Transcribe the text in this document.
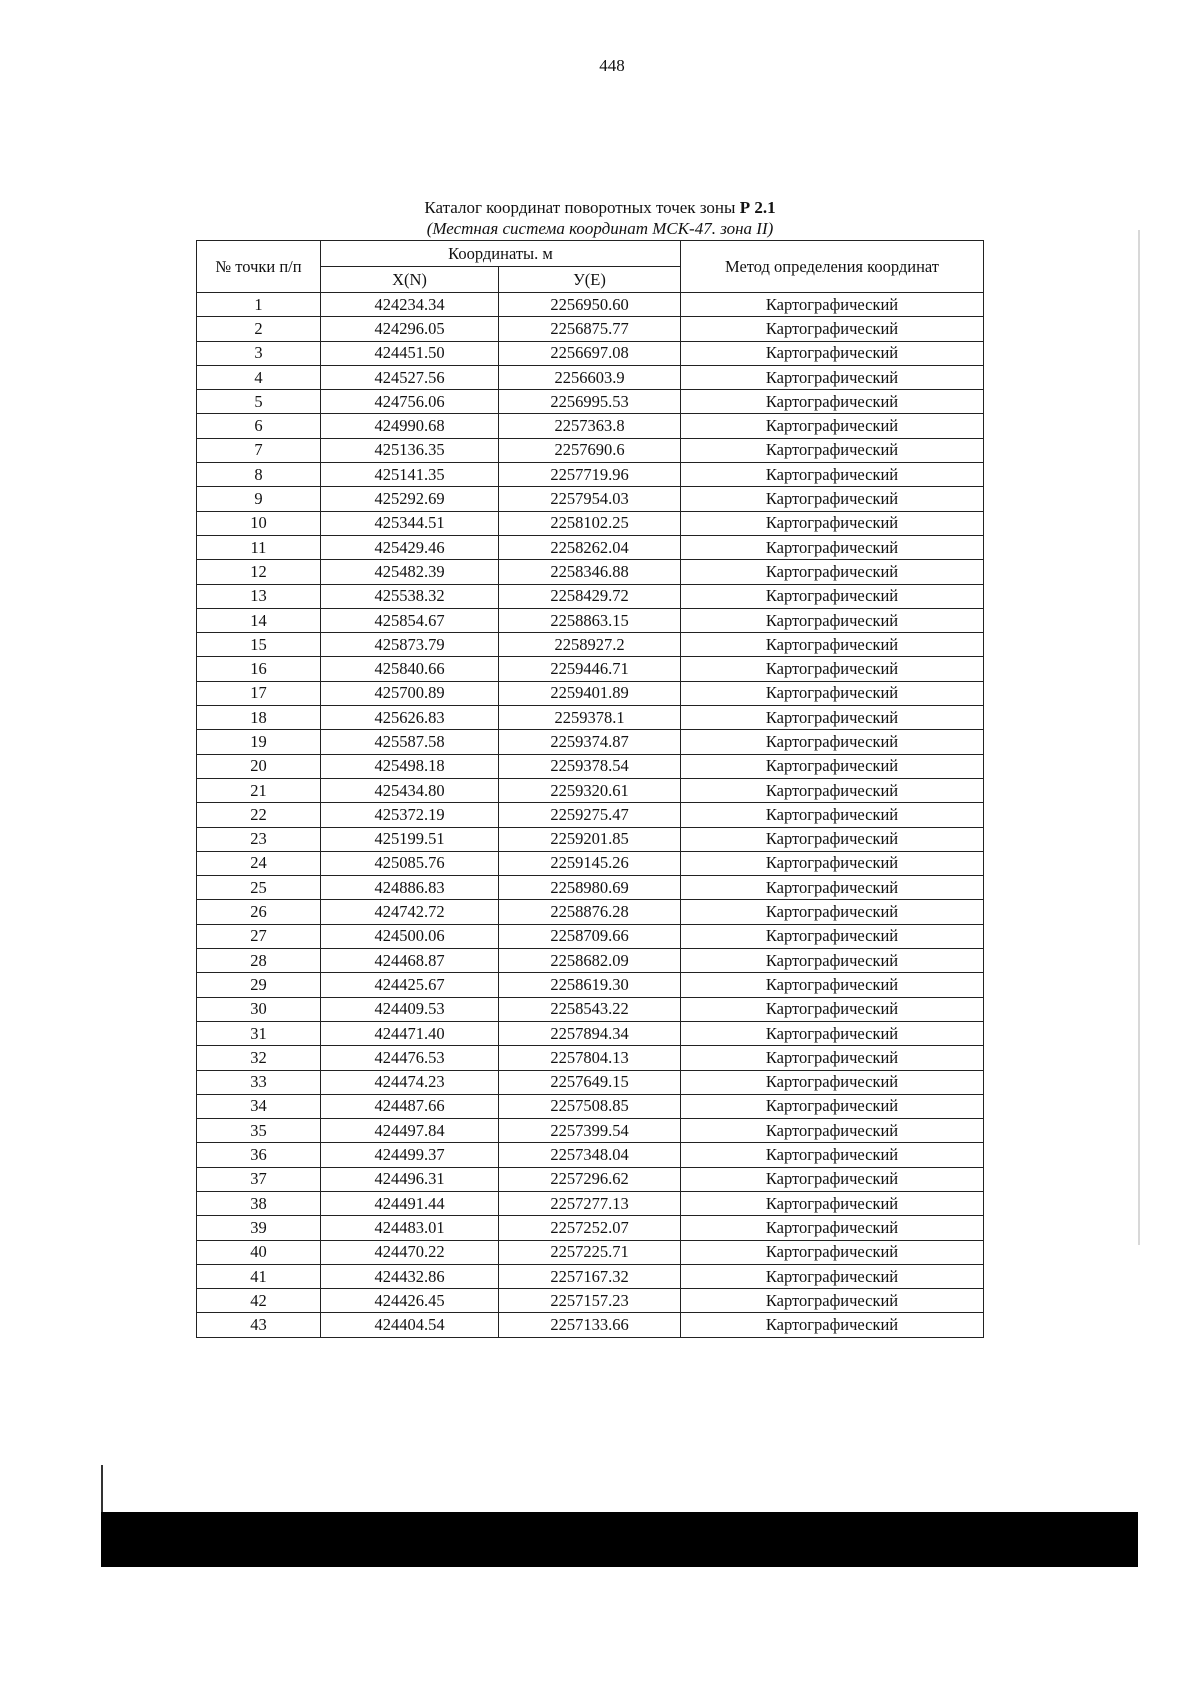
448
Каталог координат поворотных точек зоны Р 2.1
(Местная система координат МСК-47. зона II)
№ точки п/п	Координаты. м		Метод определения координат
	X(N)	У(Е)	
1	424234.34	2256950.60	Картографический
2	424296.05	2256875.77	Картографический
3	424451.50	2256697.08	Картографический
4	424527.56	2256603.9	Картографический
5	424756.06	2256995.53	Картографический
6	424990.68	2257363.8	Картографический
7	425136.35	2257690.6	Картографический
8	425141.35	2257719.96	Картографический
9	425292.69	2257954.03	Картографический
10	425344.51	2258102.25	Картографический
11	425429.46	2258262.04	Картографический
12	425482.39	2258346.88	Картографический
13	425538.32	2258429.72	Картографический
14	425854.67	2258863.15	Картографический
15	425873.79	2258927.2	Картографический
16	425840.66	2259446.71	Картографический
17	425700.89	2259401.89	Картографический
18	425626.83	2259378.1	Картографический
19	425587.58	2259374.87	Картографический
20	425498.18	2259378.54	Картографический
21	425434.80	2259320.61	Картографический
22	425372.19	2259275.47	Картографический
23	425199.51	2259201.85	Картографический
24	425085.76	2259145.26	Картографический
25	424886.83	2258980.69	Картографический
26	424742.72	2258876.28	Картографический
27	424500.06	2258709.66	Картографический
28	424468.87	2258682.09	Картографический
29	424425.67	2258619.30	Картографический
30	424409.53	2258543.22	Картографический
31	424471.40	2257894.34	Картографический
32	424476.53	2257804.13	Картографический
33	424474.23	2257649.15	Картографический
34	424487.66	2257508.85	Картографический
35	424497.84	2257399.54	Картографический
36	424499.37	2257348.04	Картографический
37	424496.31	2257296.62	Картографический
38	424491.44	2257277.13	Картографический
39	424483.01	2257252.07	Картографический
40	424470.22	2257225.71	Картографический
41	424432.86	2257167.32	Картографический
42	424426.45	2257157.23	Картографический
43	424404.54	2257133.66	Картографический
